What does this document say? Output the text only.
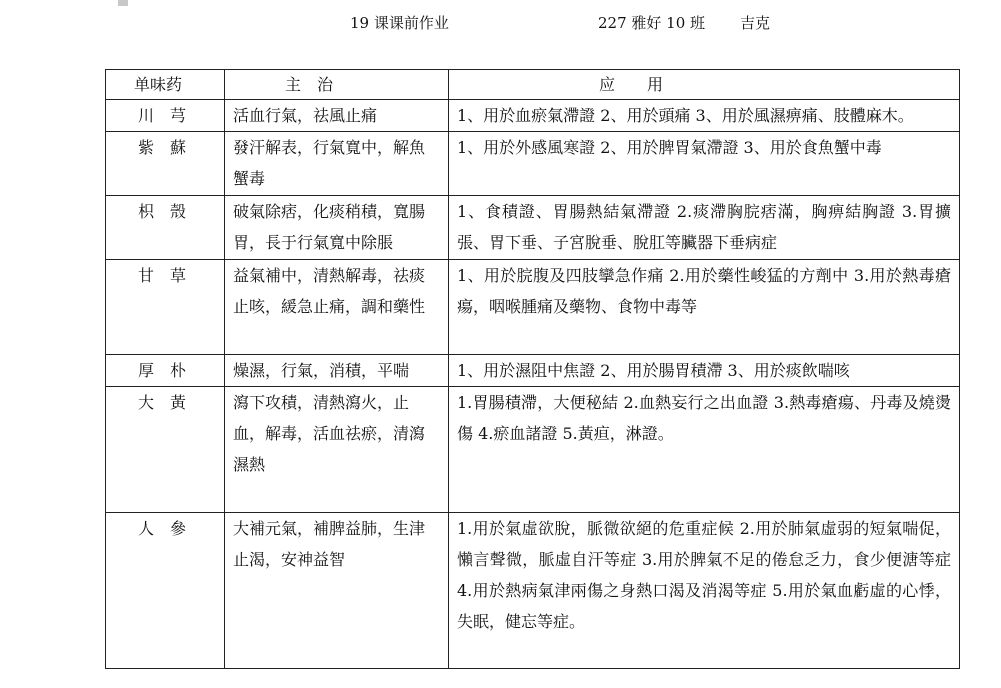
19 课课前作业	227 雅好 10 班 吉克
单味药	主　治	应　　用
川　芎	活血行氣，祛風止痛	1、用於血瘀氣滯證 2、用於頭痛 3、用於風濕痹痛、肢體麻木。
紫　蘇	發汗解表，行氣寬中，解魚蟹毒	1、用於外感風寒證 2、用於脾胃氣滯證 3、用於食魚蟹中毒
枳　殼	破氣除痞，化痰稍積，寬腸胃，長于行氣寬中除脹	1、食積證、胃腸熱結氣滯證 2.痰滯胸脘痞滿，胸痹結胸證 3.胃擴張、胃下垂、子宮脫垂、脫肛等臟器下垂病症
甘　草	益氣補中，清熱解毒，祛痰止咳，緩急止痛，調和藥性	1、用於脘腹及四肢攣急作痛 2.用於藥性峻猛的方劑中 3.用於熱毒瘡瘍，咽喉腫痛及藥物、食物中毒等
厚　朴	燥濕，行氣，消積，平喘	1、用於濕阻中焦證 2、用於腸胃積滯 3、用於痰飲喘咳
大　黃	瀉下攻積，清熱瀉火，止血，解毒，活血祛瘀，清瀉濕熱	1.胃腸積滯，大便秘結 2.血熱妄行之出血證 3.熱毒瘡瘍、丹毒及燒燙傷 4.瘀血諸證 5.黃疸，淋證。
人　參	大補元氣，補脾益肺，生津止渴，安神益智	1.用於氣虛欲脫，脈微欲絕的危重症候 2.用於肺氣虛弱的短氣喘促，懶言聲微，脈虛自汗等症 3.用於脾氣不足的倦怠乏力，食少便溏等症 4.用於熱病氣津兩傷之身熱口渴及消渴等症 5.用於氣血虧虛的心悸，失眠，健忘等症。
